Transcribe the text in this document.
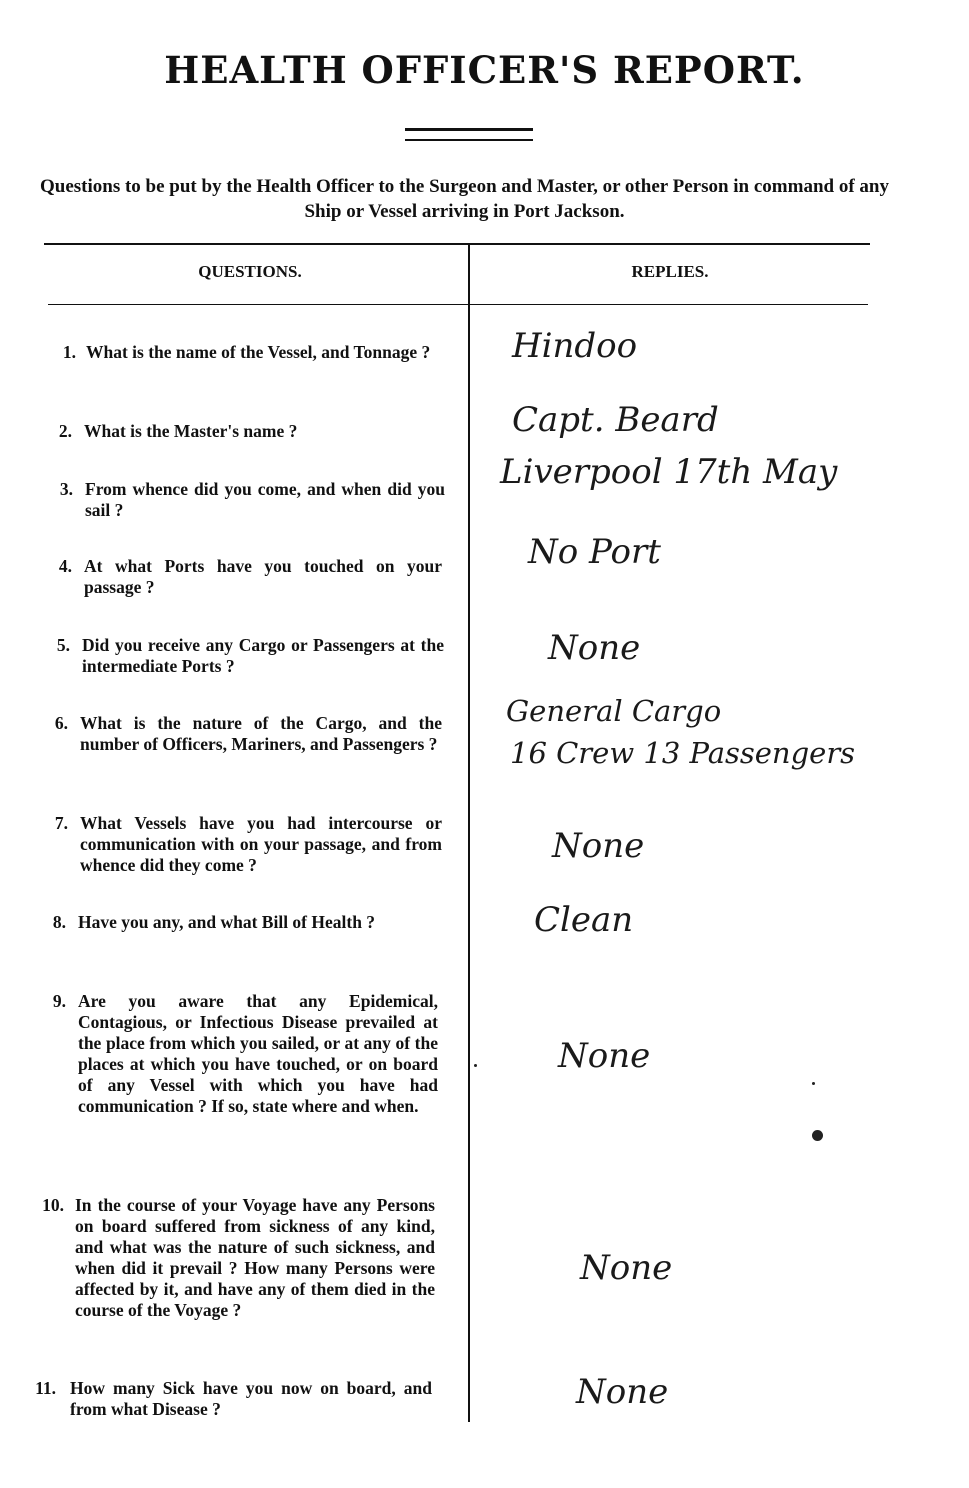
HEALTH OFFICER'S REPORT.
Questions to be put by the Health Officer to the Surgeon and Master, or other Person in command of any Ship or Vessel arriving in Port Jackson.
QUESTIONS.	REPLIES.
1. What is the name of the Vessel, and Tonnage ?
2. What is the Master's name ?
3. From whence did you come, and when did you sail ?
4. At what Ports have you touched on your passage ?
5. Did you receive any Cargo or Passengers at the intermediate Ports ?
6. What is the nature of the Cargo, and the number of Officers, Mariners, and Passengers ?
7. What Vessels have you had intercourse or communication with on your passage, and from whence did they come ?
8. Have you any, and what Bill of Health ?
9. Are you aware that any Epidemical, Contagious, or Infectious Disease prevailed at the place from which you sailed, or at any of the places at which you have touched, or on board of any Vessel with which you have had communication ? If so, state where and when.
10. In the course of your Voyage have any Persons on board suffered from sickness of any kind, and what was the nature of such sickness, and when did it prevail ? How many Persons were affected by it, and have any of them died in the course of the Voyage ?
11. How many Sick have you now on board, and from what Disease ?
Hindoo
Capt. Beard
Liverpool 17th May
No Port
None
General Cargo
16 Crew 13 Passengers
None
Clean
None
None
None
